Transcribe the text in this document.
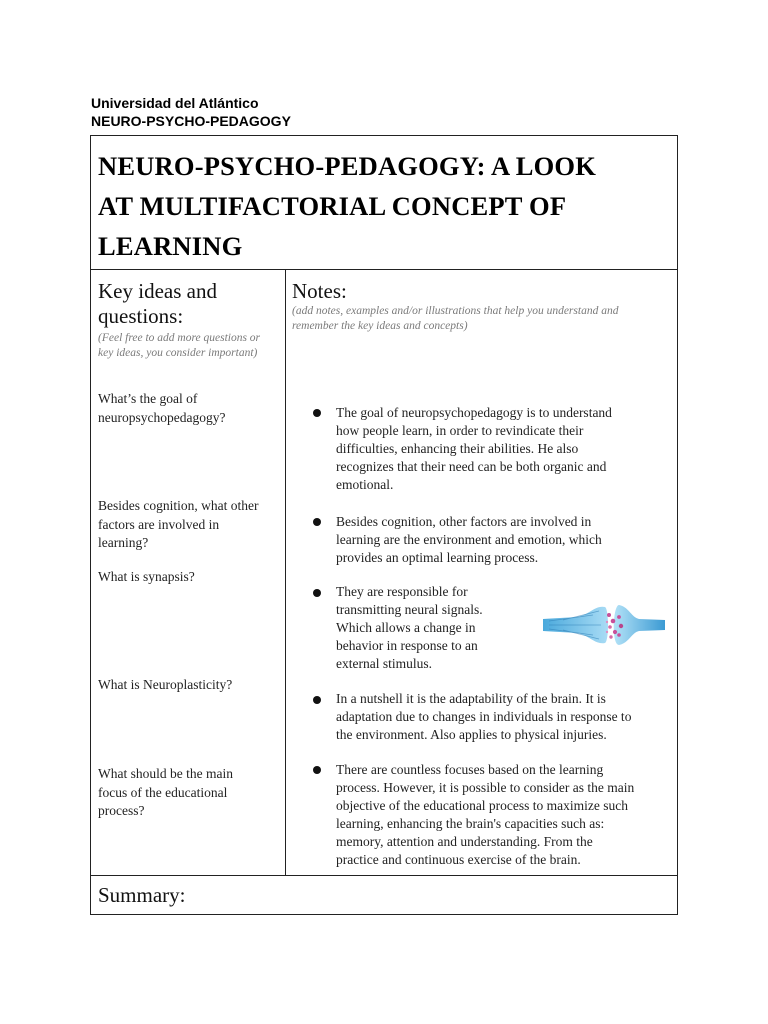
Universidad del Atlántico
NEURO-PSYCHO-PEDAGOGY
NEURO-PSYCHO-PEDAGOGY: A LOOK
AT MULTIFACTORIAL CONCEPT OF
LEARNING
Key ideas and
questions:
(Feel free to add more questions or
key ideas, you consider important)
Notes:
(add notes, examples and/or illustrations that help you understand and
remember the key ideas and concepts)
What’s the goal of
neuropsychopedagogy?	The goal of neuropsychopedagogy is to understand
how people learn, in order to revindicate their
difficulties, enhancing their abilities. He also
recognizes that their need can be both organic and
emotional.
Besides cognition, what other
factors are involved in
learning?
Besides cognition, other factors are involved in
learning are the environment and emotion, which
provides an optimal learning process.
What is synapsis?
They are responsible for
transmitting neural signals.
Which allows a change in
behavior in response to an
external stimulus.
What is Neuroplasticity?
In a nutshell it is the adaptability of the brain. It is
adaptation due to changes in individuals in response to
the environment. Also applies to physical injuries.
What should be the main
focus of the educational
process?
There are countless focuses based on the learning
process. However, it is possible to consider as the main
objective of the educational process to maximize such
learning, enhancing the brain's capacities such as:
memory, attention and understanding. From the
practice and continuous exercise of the brain.
Summary:
